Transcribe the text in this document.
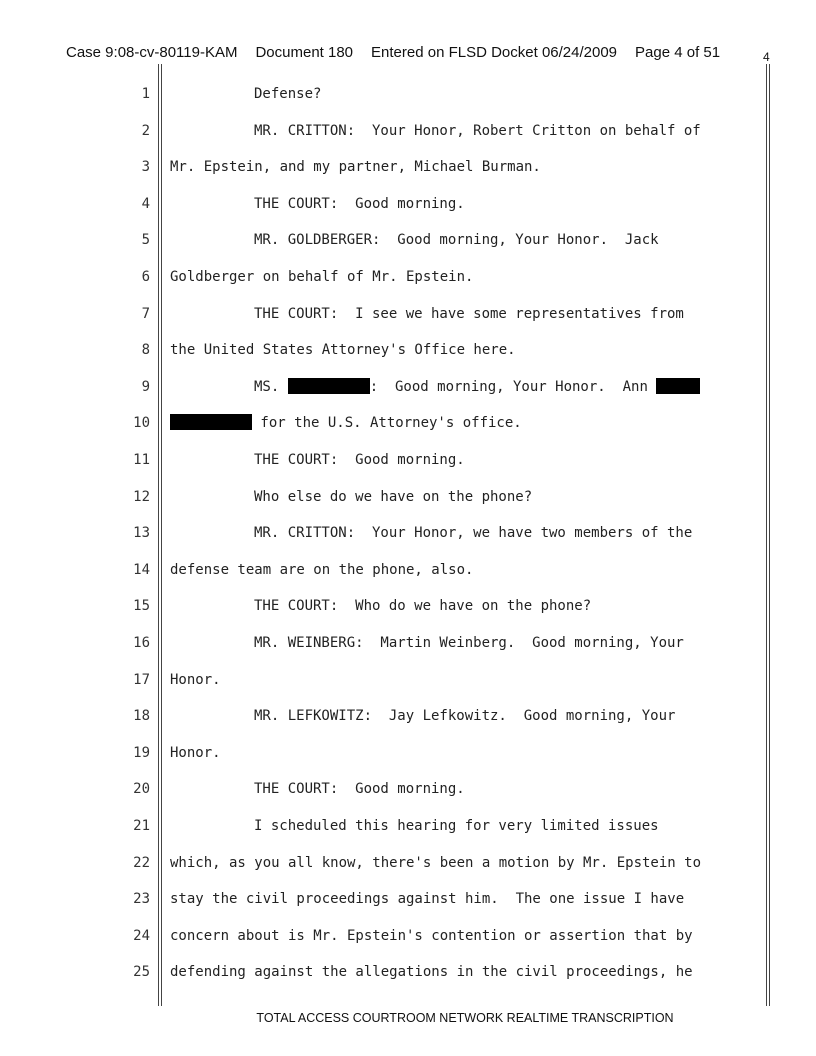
Case 9:08-cv-80119-KAM Document 180 Entered on FLSD Docket 06/24/2009 Page 4 of 51	4
1	Defense?
2	MR. CRITTON:  Your Honor, Robert Critton on behalf of
3 Mr. Epstein, and my partner, Michael Burman.
4	THE COURT:  Good morning.
5	MR. GOLDBERGER:  Good morning, Your Honor.  Jack
6 Goldberger on behalf of Mr. Epstein.
7	THE COURT:  I see we have some representatives from
8 the United States Attorney's Office here.
9	MS.	:  Good morning, Your Honor.  Ann
10	for the U.S. Attorney's office.
11	THE COURT:  Good morning.
12	Who else do we have on the phone?
13	MR. CRITTON:  Your Honor, we have two members of the
14 defense team are on the phone, also.
15	THE COURT:  Who do we have on the phone?
16	MR. WEINBERG:  Martin Weinberg.  Good morning, Your
17 Honor.
18	MR. LEFKOWITZ:  Jay Lefkowitz.  Good morning, Your
19 Honor.
20	THE COURT:  Good morning.
21	I scheduled this hearing for very limited issues
22 which, as you all know, there's been a motion by Mr. Epstein to
23 stay the civil proceedings against him.  The one issue I have
24 concern about is Mr. Epstein's contention or assertion that by
25 defending against the allegations in the civil proceedings, he
TOTAL ACCESS COURTROOM NETWORK REALTIME TRANSCRIPTION
